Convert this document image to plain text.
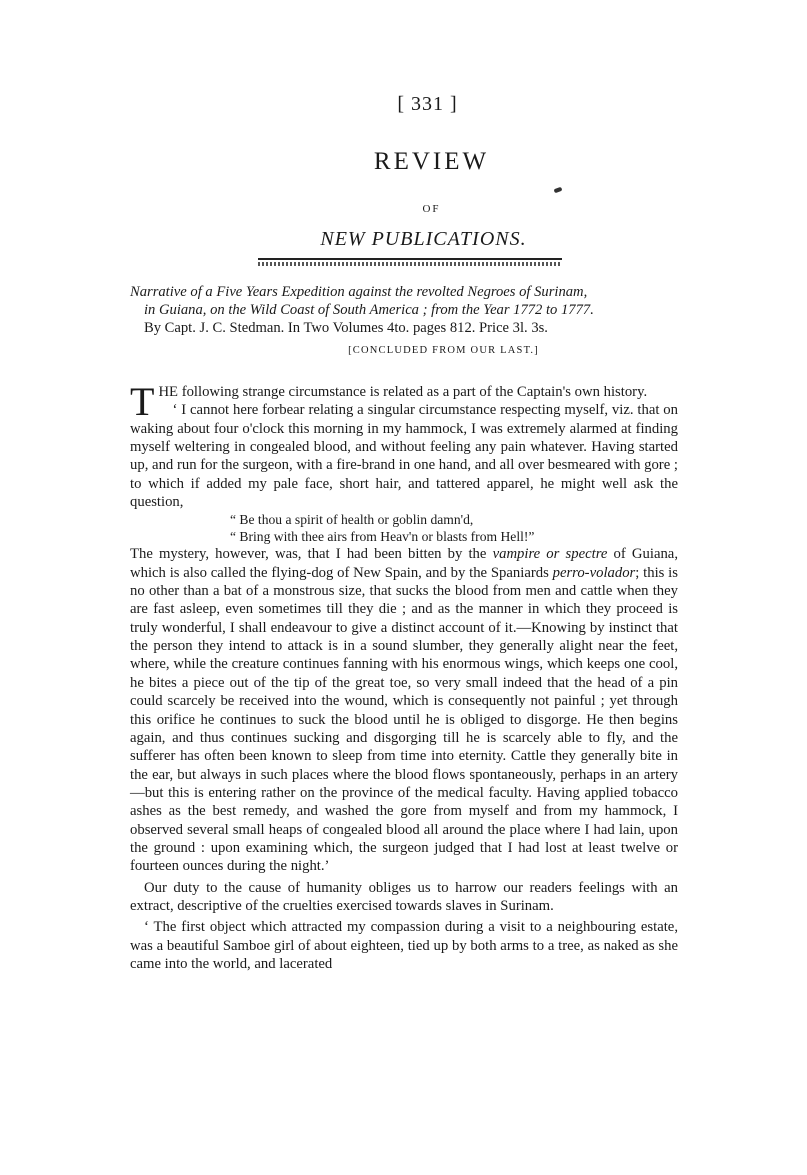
[ 331 ]
REVIEW
OF
NEW PUBLICATIONS.
Narrative of a Five Years Expedition against the revolted Negroes of Surinam,
in Guiana, on the Wild Coast of South America ; from the Year 1772 to 1777.
By Capt. J. C. Stedman. In Two Volumes 4to. pages 812. Price 3l. 3s.
[CONCLUDED FROM OUR LAST.]

THE following strange circumstance is related as a part of the Captain's own history.

‘ I cannot here forbear relating a singular circumstance respecting myself, viz. that on waking about four o'clock this morning in my hammock, I was extremely alarmed at finding myself weltering in congealed blood, and without feeling any pain whatever. Having started up, and run for the surgeon, with a fire-brand in one hand, and all over besmeared with gore ; to which if added my pale face, short hair, and tattered apparel, he might well ask the question,

“ Be thou a spirit of health or goblin damn'd,
“ Bring with thee airs from Heav'n or blasts from Hell!”

The mystery, however, was, that I had been bitten by the vampire or spectre of Guiana, which is also called the flying-dog of New Spain, and by the Spaniards perro-volador; this is no other than a bat of a monstrous size, that sucks the blood from men and cattle when they are fast asleep, even sometimes till they die ; and as the manner in which they proceed is truly wonderful, I shall endeavour to give a distinct account of it.—Knowing by instinct that the person they intend to attack is in a sound slumber, they generally alight near the feet, where, while the creature continues fanning with his enormous wings, which keeps one cool, he bites a piece out of the tip of the great toe, so very small indeed that the head of a pin could scarcely be received into the wound, which is consequently not painful ; yet through this orifice he continues to suck the blood until he is obliged to disgorge. He then begins again, and thus continues sucking and disgorging till he is scarcely able to fly, and the sufferer has often been known to sleep from time into eternity. Cattle they generally bite in the ear, but always in such places where the blood flows spontaneously, perhaps in an artery—but this is entering rather on the province of the medical faculty. Having applied tobacco ashes as the best remedy, and washed the gore from myself and from my hammock, I observed several small heaps of congealed blood all around the place where I had lain, upon the ground : upon examining which, the surgeon judged that I had lost at least twelve or fourteen ounces during the night.’

Our duty to the cause of humanity obliges us to harrow our readers feelings with an extract, descriptive of the cruelties exercised towards slaves in Surinam.

‘ The first object which attracted my compassion during a visit to a neighbouring estate, was a beautiful Samboe girl of about eighteen, tied up by both arms to a tree, as naked as she came into the world, and lacerated
